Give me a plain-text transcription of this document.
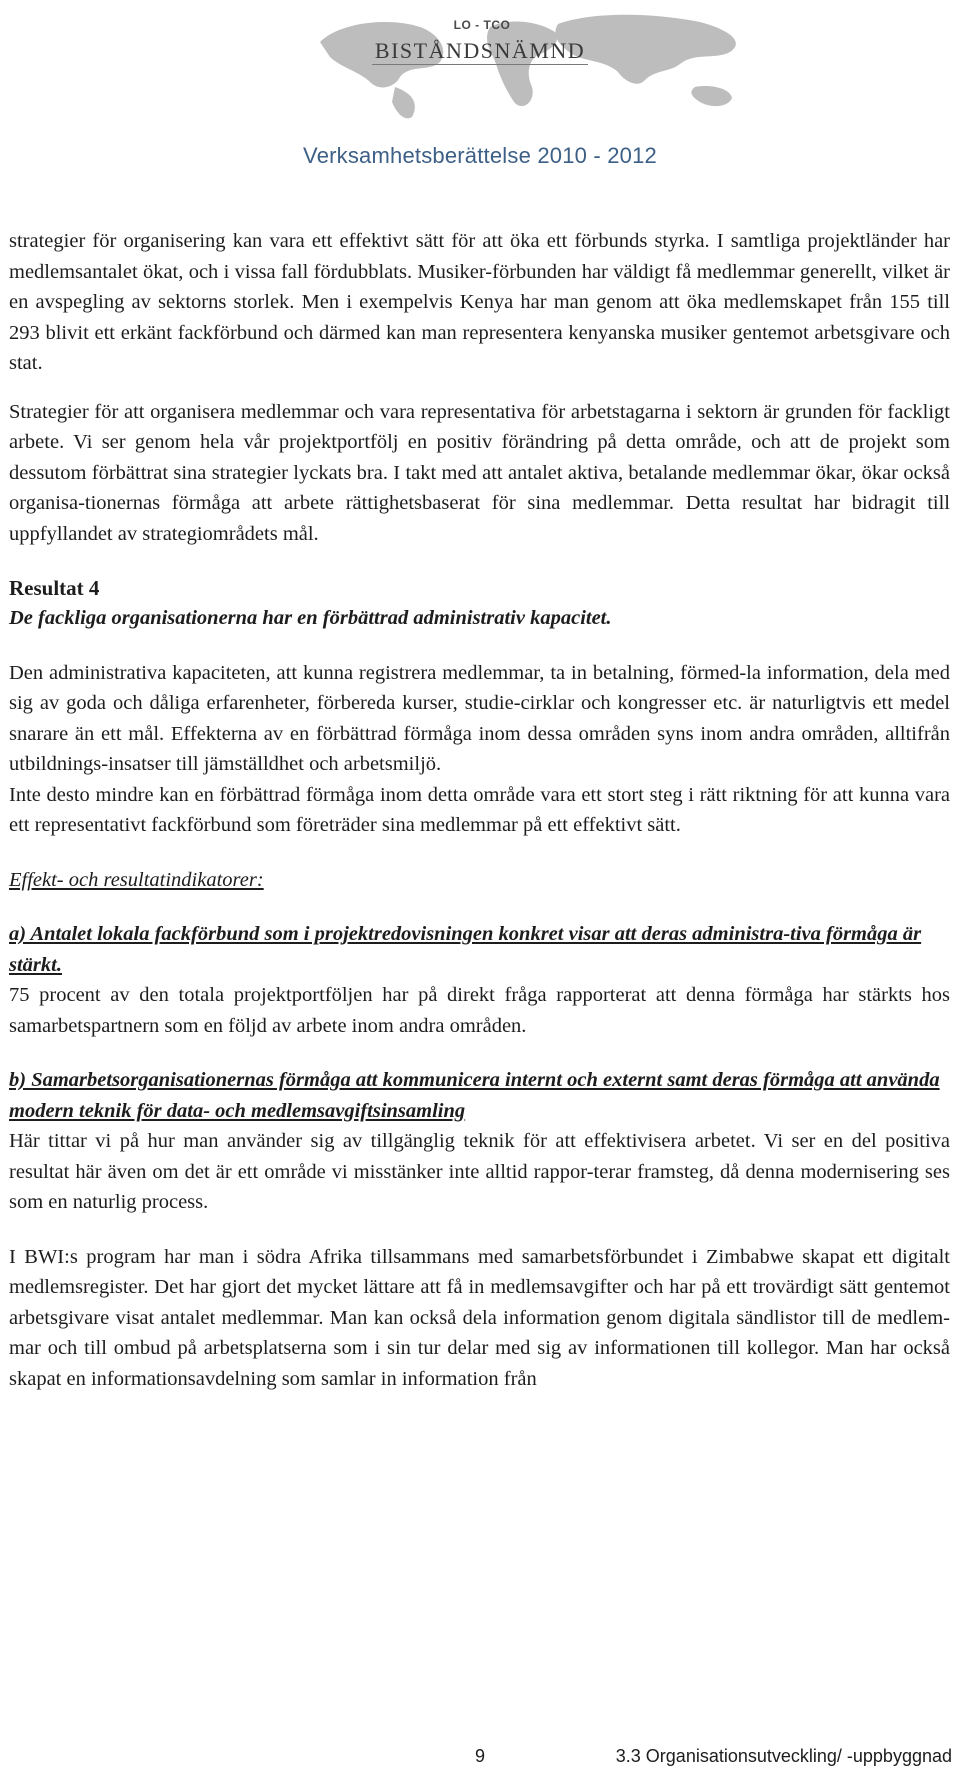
LO - TCO
BISTÅNDSNÄMND
Verksamhetsberättelse 2010 - 2012

strategier för organisering kan vara ett effektivt sätt för att öka ett förbunds styrka. I samtliga projektländer har medlemsantalet ökat, och i vissa fall fördubblats. Musiker-förbunden har väldigt få medlemmar generellt, vilket är en avspegling av sektorns storlek. Men i exempelvis Kenya har man genom att öka medlemskapet från 155 till 293 blivit ett erkänt fackförbund och därmed kan man representera kenyanska musiker gentemot arbetsgivare och stat.

Strategier för att organisera medlemmar och vara representativa för arbetstagarna i sektorn är grunden för fackligt arbete. Vi ser genom hela vår projektportfölj en positiv förändring på detta område, och att de projekt som dessutom förbättrat sina strategier lyckats bra. I takt med att antalet aktiva, betalande medlemmar ökar, ökar också organisa-tionernas förmåga att arbete rättighetsbaserat för sina medlemmar. Detta resultat har bidragit till uppfyllandet av strategiområdets mål.

Resultat 4

De fackliga organisationerna har en förbättrad administrativ kapacitet.

Den administrativa kapaciteten, att kunna registrera medlemmar, ta in betalning, förmed-la information, dela med sig av goda och dåliga erfarenheter, förbereda kurser, studie-cirklar och kongresser etc. är naturligtvis ett medel snarare än ett mål. Effekterna av en förbättrad förmåga inom dessa områden syns inom andra områden, alltifrån utbildnings-insatser till jämställdhet och arbetsmiljö.

Inte desto mindre kan en förbättrad förmåga inom detta område vara ett stort steg i rätt riktning för att kunna vara ett representativt fackförbund som företräder sina medlemmar på ett effektivt sätt.

Effekt- och resultatindikatorer:

a) Antalet lokala fackförbund som i projektredovisningen konkret visar att deras administra-tiva förmåga är stärkt.

75 procent av den totala projektportföljen har på direkt fråga rapporterat att denna förmåga har stärkts hos samarbetspartnern som en följd av arbete inom andra områden.

b) Samarbetsorganisationernas förmåga att kommunicera internt och externt samt deras förmåga att använda modern teknik för data- och medlemsavgiftsinsamling

Här tittar vi på hur man använder sig av tillgänglig teknik för att effektivisera arbetet. Vi ser en del positiva resultat här även om det är ett område vi misstänker inte alltid rappor-terar framsteg, då denna modernisering ses som en naturlig process.

I BWI:s program har man i södra Afrika tillsammans med samarbetsförbundet i Zimbabwe skapat ett digitalt medlemsregister. Det har gjort det mycket lättare att få in medlemsavgifter och har på ett trovärdigt sätt gentemot arbetsgivare visat antalet medlemmar. Man kan också dela information genom digitala sändlistor till de medlem-mar och till ombud på arbetsplatserna som i sin tur delar med sig av informationen till kollegor. Man har också skapat en informationsavdelning som samlar in information från

9	3.3 Organisationsutveckling/ -uppbyggnad
